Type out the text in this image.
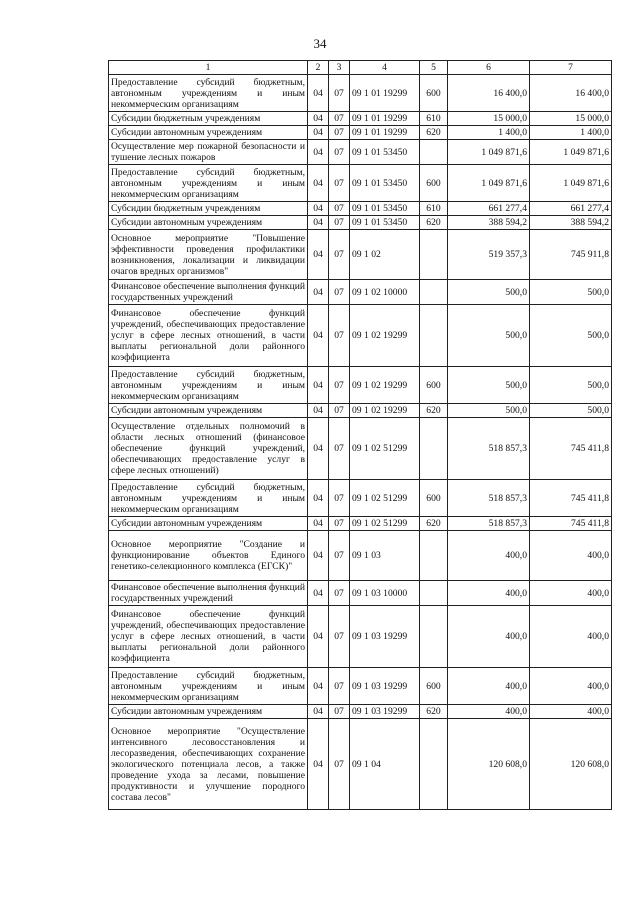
34
1	2	3	4	5	6	7
Предоставление субсидий бюджетным, автономным учреждениям и иным некоммерческим организациям	04	07	09 1 01 19299	600	16 400,0	16 400,0
Субсидии бюджетным учреждениям	04	07	09 1 01 19299	610	15 000,0	15 000,0
Субсидии автономным учреждениям	04	07	09 1 01 19299	620	1 400,0	1 400,0
Осуществление мер пожарной безопасности и тушение лесных пожаров	04	07	09 1 01 53450		1 049 871,6	1 049 871,6
Предоставление субсидий бюджетным, автономным учреждениям и иным некоммерческим организациям	04	07	09 1 01 53450	600	1 049 871,6	1 049 871,6
Субсидии бюджетным учреждениям	04	07	09 1 01 53450	610	661 277,4	661 277,4
Субсидии автономным учреждениям	04	07	09 1 01 53450	620	388 594,2	388 594,2
Основное мероприятие "Повышение эффективности проведения профилактики возникновения, локализации и ликвидации очагов вредных организмов"	04	07	09 1 02		519 357,3	745 911,8
Финансовое обеспечение выполнения функций государственных учреждений	04	07	09 1 02 10000		500,0	500,0
Финансовое обеспечение функций учреждений, обеспечивающих предоставление услуг в сфере лесных отношений, в части выплаты региональной доли районного коэффициента	04	07	09 1 02 19299		500,0	500,0
Предоставление субсидий бюджетным, автономным учреждениям и иным некоммерческим организациям	04	07	09 1 02 19299	600	500,0	500,0
Субсидии автономным учреждениям	04	07	09 1 02 19299	620	500,0	500,0
Осуществление отдельных полномочий в области лесных отношений (финансовое обеспечение функций учреждений, обеспечивающих предоставление услуг в сфере лесных отношений)	04	07	09 1 02 51299		518 857,3	745 411,8
Предоставление субсидий бюджетным, автономным учреждениям и иным некоммерческим организациям	04	07	09 1 02 51299	600	518 857,3	745 411,8
Субсидии автономным учреждениям	04	07	09 1 02 51299	620	518 857,3	745 411,8
Основное мероприятие "Создание и функционирование объектов Единого генетико-селекционного комплекса (ЕГСК)"	04	07	09 1 03		400,0	400,0
Финансовое обеспечение выполнения функций государственных учреждений	04	07	09 1 03 10000		400,0	400,0
Финансовое обеспечение функций учреждений, обеспечивающих предоставление услуг в сфере лесных отношений, в части выплаты региональной доли районного коэффициента	04	07	09 1 03 19299		400,0	400,0
Предоставление субсидий бюджетным, автономным учреждениям и иным некоммерческим организациям	04	07	09 1 03 19299	600	400,0	400,0
Субсидии автономным учреждениям	04	07	09 1 03 19299	620	400,0	400,0
Основное мероприятие "Осуществление интенсивного лесовосстановления и лесоразведения, обеспечивающих сохранение экологического потенциала лесов, а также проведение ухода за лесами, повышение продуктивности и улучшение породного состава лесов"	04	07	09 1 04		120 608,0	120 608,0
